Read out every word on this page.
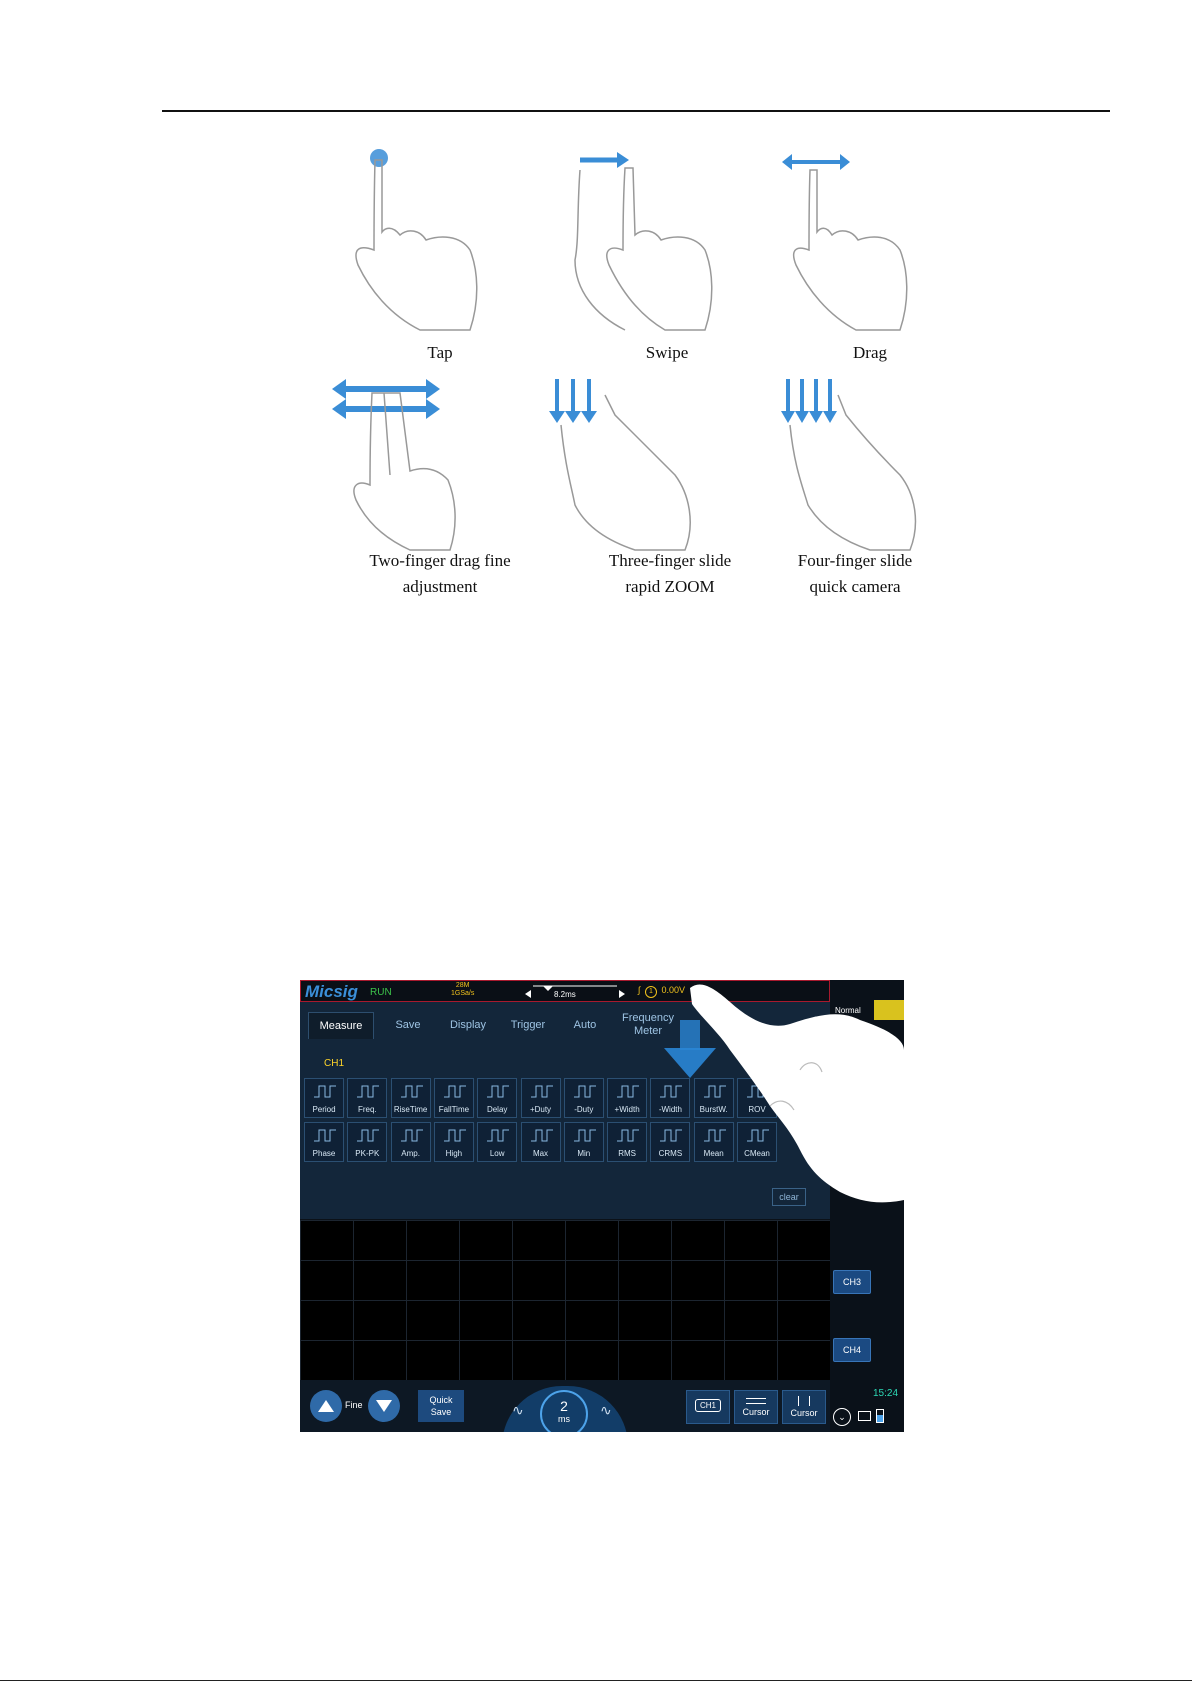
Tap	Swipe	Drag
Two-finger drag fine
adjustment
Three-finger slide
rapid ZOOM
Four-finger slide
quick camera
Micsig RUN
28M
1GSa/s	8.2ms	∫ 1 0.00V
Measure	Save	Display	Trigger	Auto
Frequency
Meter
CH1
Period	Freq.	RiseTime	FallTime	Delay	+Duty	-Duty	+Width	-Width	BurstW.	ROV
Phase	PK-PK	Amp.	High	Low	Max	Min	RMS	CRMS	Mean	CMean
clear
Normal
CH3
CH4
15:24
Fine	Quick
Save	∿	∿
2
ms
CH1
Cursor	Cursor	⌄
